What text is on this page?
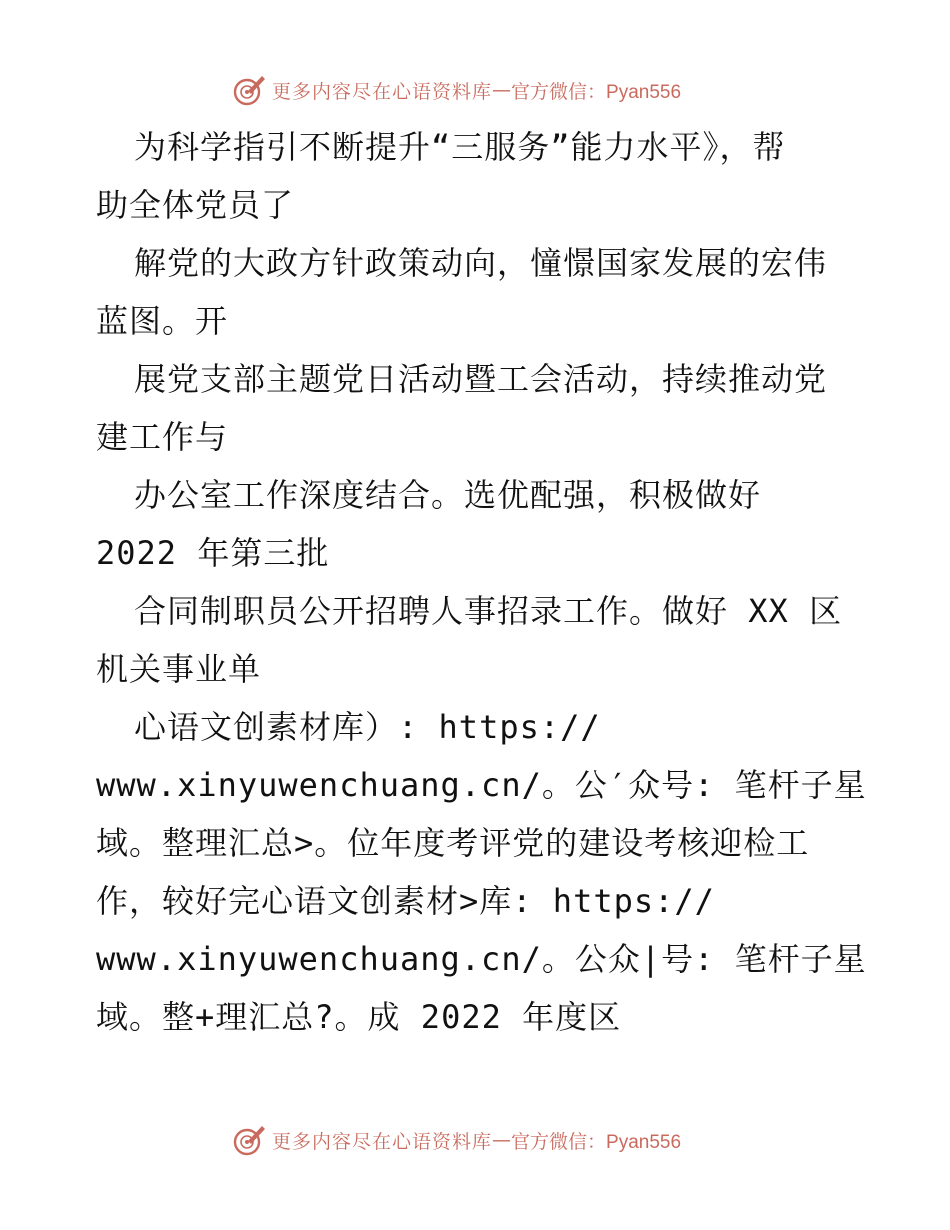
更多内容尽在心语资料库 — 官方微信：Pyan556
为科学指引不断提升“三服务”能力水平》，帮
助全体党员了
解党的大政方针政策动向，憧憬国家发展的宏伟
蓝图。开
展党支部主题党日活动暨工会活动，持续推动党
建工作与
办公室工作深度结合。选优配强，积极做好
2022 年第三批
合同制职员公开招聘人事招录工作。做好 XX 区
机关事业单
心语文创素材库）: https://
www.xinyuwenchuang.cn/。公′众号: 笔杆子星
域。整理汇总>。位年度考评党的建设考核迎检工
作，较好完心语文创素材>库: https://
www.xinyuwenchuang.cn/。公众|号: 笔杆子星
域。整+理汇总?。成 2022 年度区
更多内容尽在心语资料库 — 官方微信：Pyan556
